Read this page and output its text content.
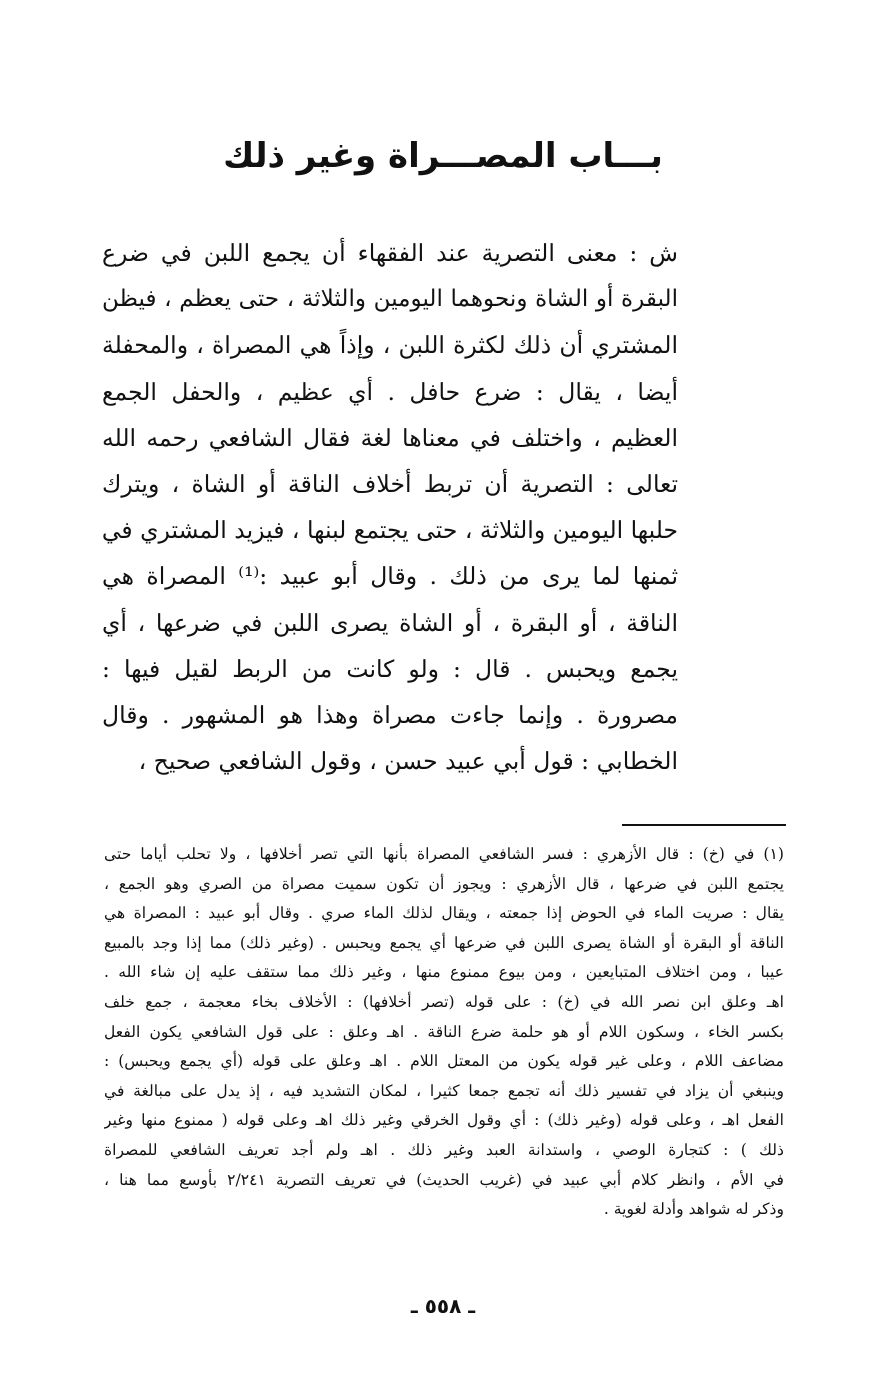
بـــاب المصـــراة وغير ذلك
ش : معنى التصرية عند الفقهاء أن يجمع اللبن في ضرع
البقرة أو الشاة ونحوهما اليومين والثلاثة ، حتى يعظم ، فيظن
المشتري أن ذلك لكثرة اللبن ، وإذاً هي المصراة ، والمحفلة
أيضا ، يقال : ضرع حافل . أي عظيم ، والحفل الجمع
العظيم ، واختلف في معناها لغة فقال الشافعي رحمه الله
تعالى : التصرية أن تربط أخلاف الناقة أو الشاة ، ويترك
حلبها اليومين والثلاثة ، حتى يجتمع لبنها ، فيزيد المشتري في
ثمنها لما يرى من ذلك . وقال أبو عبيد :⁽¹⁾ المصراة هي
الناقة ، أو البقرة ، أو الشاة يصرى اللبن في ضرعها ، أي
يجمع ويحبس . قال : ولو كانت من الربط لقيل فيها :
مصرورة . وإنما جاءت مصراة وهذا هو المشهور . وقال
الخطابي : قول أبي عبيد حسن ، وقول الشافعي صحيح ،
(١) في (خ) : قال الأزهري : فسر الشافعي المصراة بأنها التي تصر أخلافها ، ولا تحلب أياما حتى
يجتمع اللبن في ضرعها ، قال الأزهري : ويجوز أن تكون سميت مصراة من الصري وهو الجمع ،
يقال : صريت الماء في الحوض إذا جمعته ، ويقال لذلك الماء صري . وقال أبو عبيد : المصراة هي
الناقة أو البقرة أو الشاة يصرى اللبن في ضرعها أي يجمع ويحبس . (وغير ذلك) مما إذا وجد بالمبيع
عيبا ، ومن اختلاف المتبايعين ، ومن بيوع ممنوع منها ، وغير ذلك مما ستقف عليه إن شاء الله .
اهـ وعلق ابن نصر الله في (خ) : على قوله (تصر أخلافها) : الأخلاف بخاء معجمة ، جمع خلف
بكسر الخاء ، وسكون اللام أو هو حلمة ضرع الناقة . اهـ وعلق : على قول الشافعي يكون الفعل
مضاعف اللام ، وعلى غير قوله يكون من المعتل اللام . اهـ وعلق على قوله (أي يجمع ويحبس) :
وينبغي أن يزاد في تفسير ذلك أنه تجمع جمعا كثيرا ، لمكان التشديد فيه ، إذ يدل على مبالغة في
الفعل اهـ ، وعلى قوله (وغير ذلك) : أي وقول الخرقي وغير ذلك اهـ وعلى قوله ( ممنوع منها وغير
ذلك ) : كتجارة الوصي ، واستدانة العبد وغير ذلك . اهـ ولم أجد تعريف الشافعي للمصراة
في الأم ، وانظر كلام أبي عبيد في (غريب الحديث) في تعريف التصرية ٢/٢٤١ بأوسع مما هنا ،
وذكر له شواهد وأدلة لغوية .
ـ ٥٥٨ ـ
